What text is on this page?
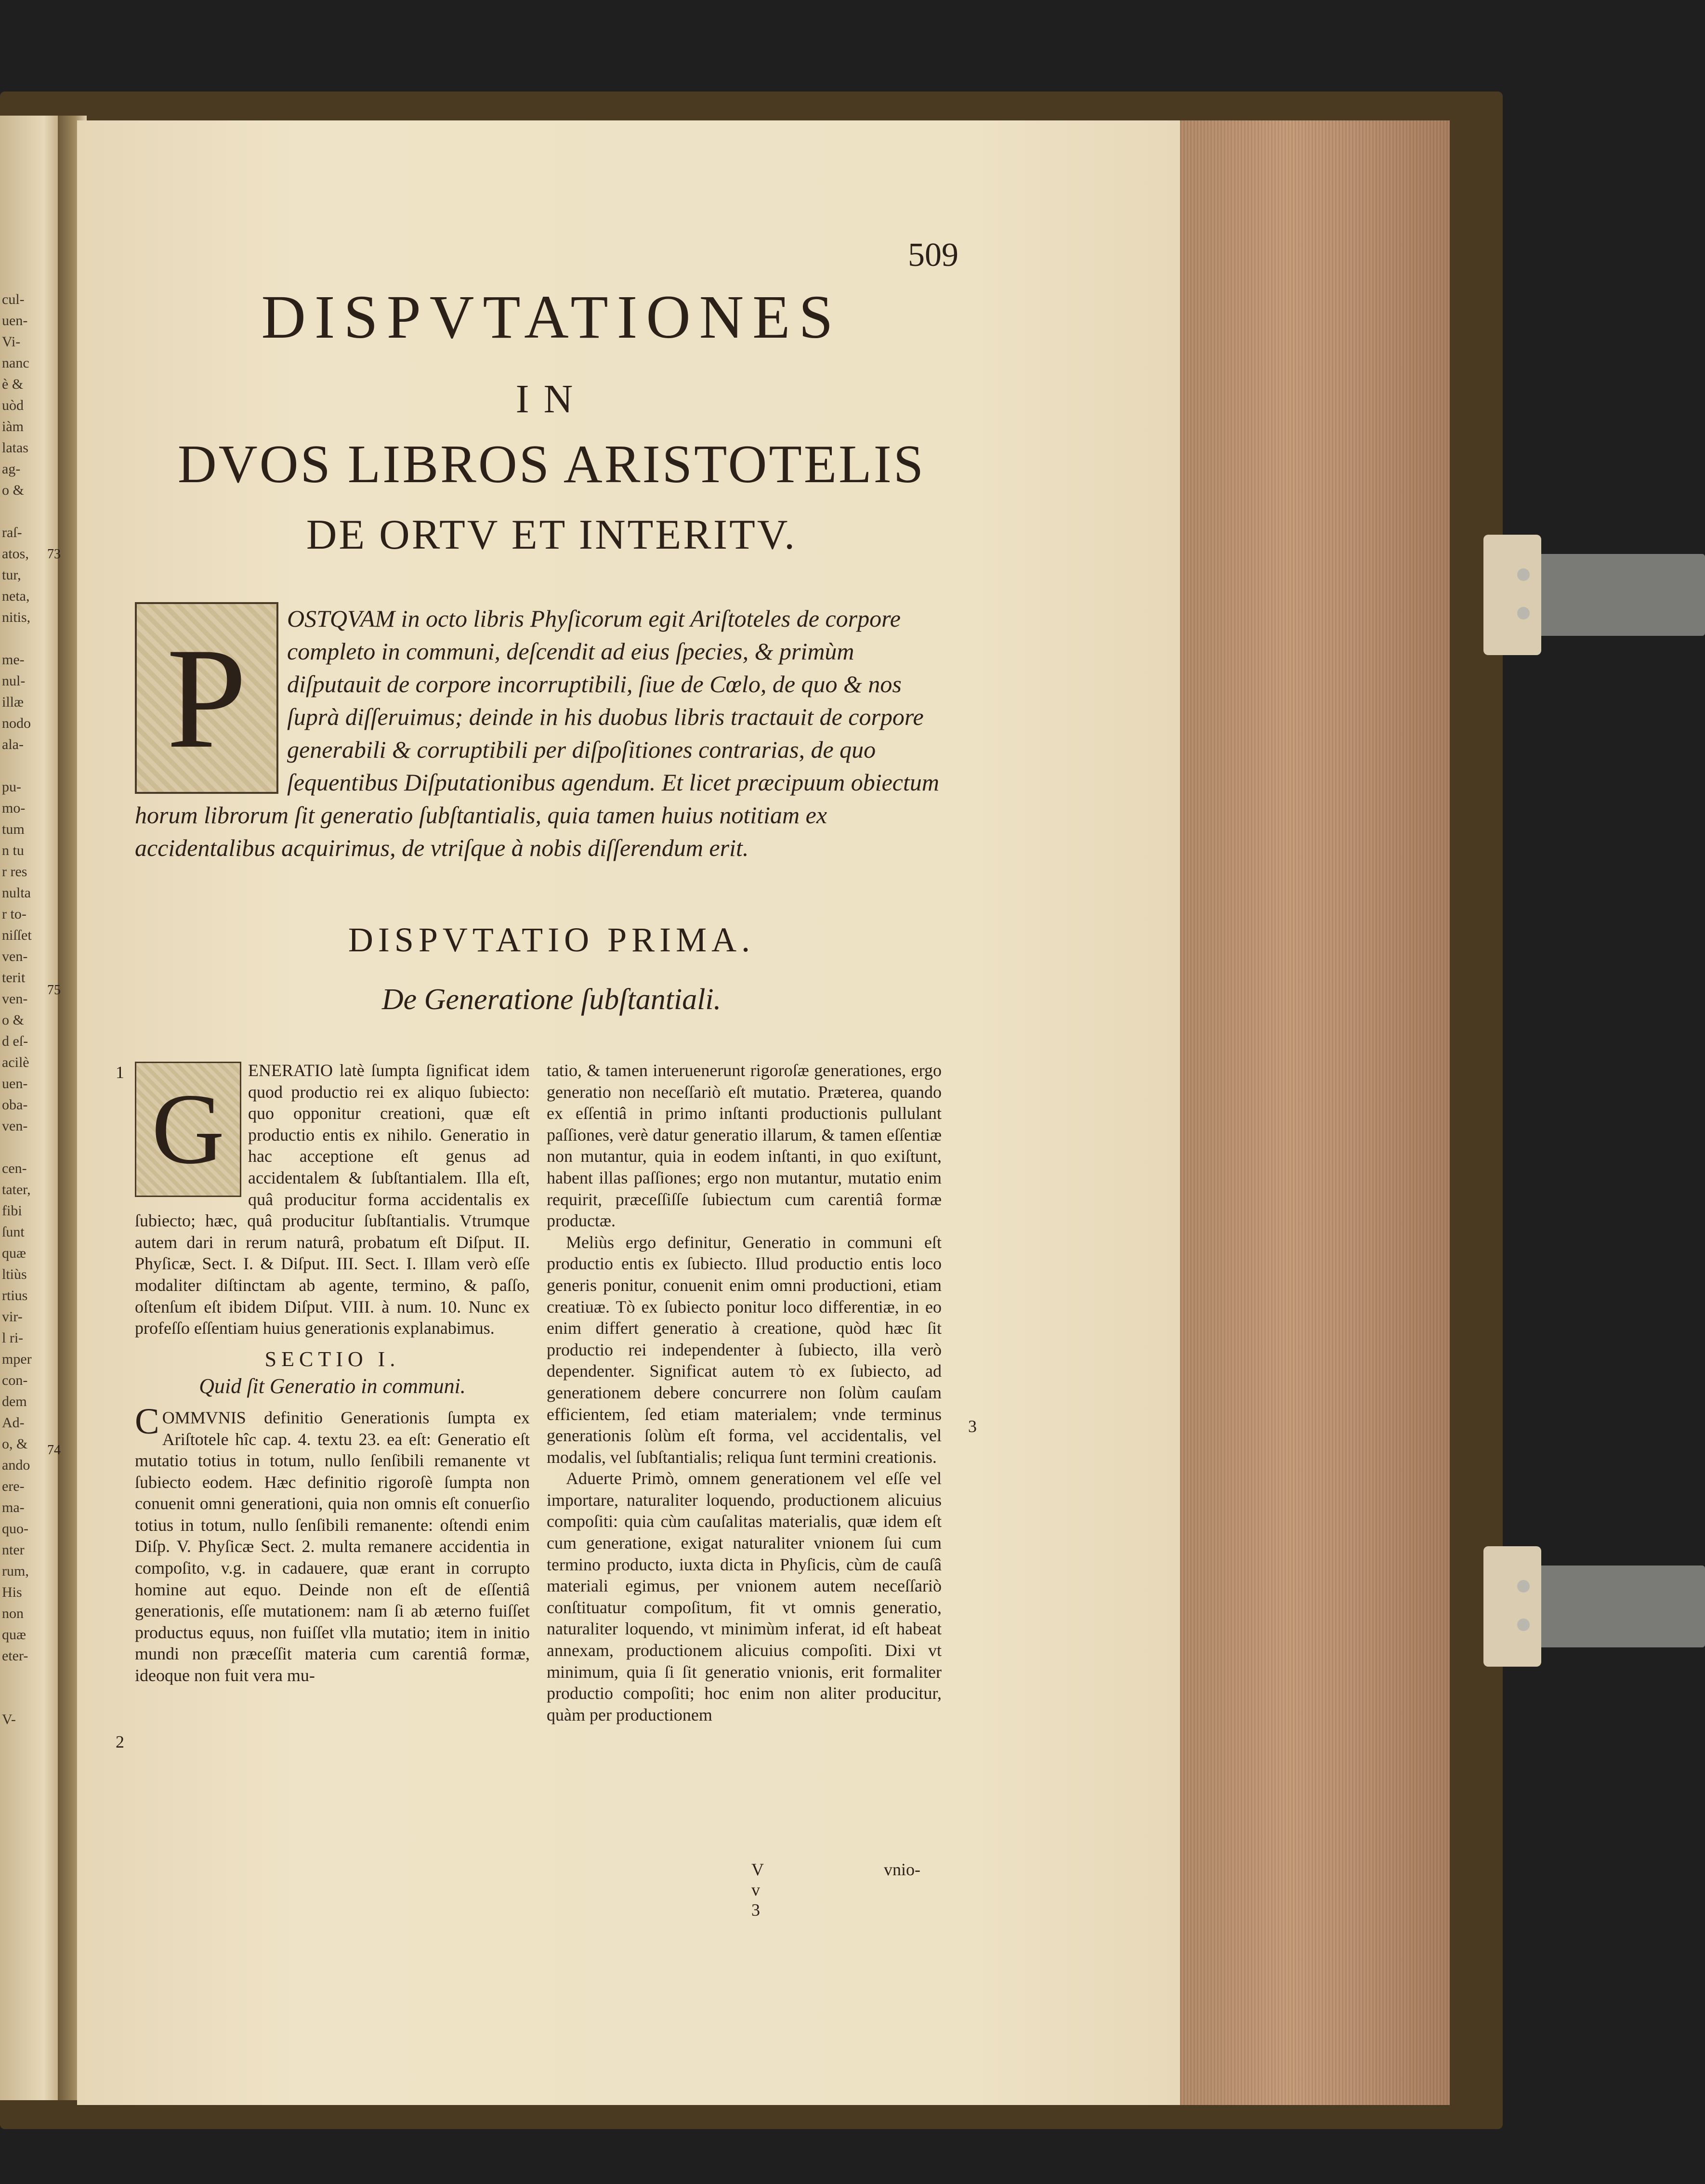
cul-
uen-
Vi-
nanc
è &
uòd
iàm
latas
ag-
o &

raſ-
atos,
tur,
neta,
nitis,

me-
nul-
illæ
nodo
ala-

pu-
mo-
tum
n tu
r res
nulta
r to-
niſſet
ven-
terit
ven-
o &
d eſ-
acilè
uen-
oba-
ven-

cen-
tater,
fibi
ſunt
quæ
ltiùs
rtius
vir-
l ri-
mper
con-
dem
Ad-
o, &
ando
ere-
ma-
quo-
nter
rum,
His
non
quæ
eter-

V-
509
DISPVTATIONES
IN
DVOS LIBROS ARISTOTELIS
DE ORTV ET INTERITV.
P	OSTQVAM in octo libris Phyſicorum egit Ariſtoteles de corpore completo in communi, deſcendit ad eius ſpecies, & primùm diſputauit de corpore incorruptibili, ſiue de Cœlo, de quo & nos ſuprà diſſeruimus; deinde in his duobus libris tractauit de corpore generabili & corruptibili per diſpoſitiones contrarias, de quo ſequentibus Diſputationibus agendum. Et licet præcipuum obiectum horum librorum ſit generatio ſubſtantialis, quia tamen huius notitiam ex accidentalibus acquirimus, de vtriſque à nobis diſſerendum erit.
DISPVTATIO PRIMA.
De Generatione ſubſtantiali.
1
2
3
73
75
74

G
ENERATIO latè ſumpta ſignificat idem quod productio rei ex aliquo ſubiecto: quo opponitur creationi, quæ eſt productio entis ex nihilo. Generatio in hac acceptione eſt genus ad accidentalem & ſubſtantialem. Illa eſt, quâ producitur forma accidentalis ex ſubiecto; hæc, quâ producitur ſubſtantialis. Vtrumque autem dari in rerum naturâ, probatum eſt Diſput. II. Phyſicæ, Sect. I. & Diſput. III. Sect. I. Illam verò eſſe modaliter diſtinctam ab agente, termino, & paſſo, oſtenſum eſt ibidem Diſput. VIII. à num. 10. Nunc ex profeſſo eſſentiam huius generationis explanabimus.

SECTIO I.
Quid ſit Generatio in communi.

C OMMVNIS definitio Generationis ſumpta ex Ariſtotele hîc cap. 4. textu 23. ea eſt: Generatio eſt mutatio totius in totum, nullo ſenſibili remanente vt ſubiecto eodem. Hæc definitio rigoroſè ſumpta non conuenit omni generationi, quia non omnis eſt conuerſio totius in totum, nullo ſenſibili remanente: oſtendi enim Diſp. V. Phyſicæ Sect. 2. multa remanere accidentia in compoſito, v.g. in cadauere, quæ erant in corrupto homine aut equo. Deinde non eſt de eſſentiâ generationis, eſſe mutationem: nam ſi ab æterno fuiſſet productus equus, non fuiſſet vlla mutatio; item in initio mundi non præceſſit materia cum carentiâ formæ, ideoque non fuit vera mu-

tatio, & tamen interuenerunt rigoroſæ generationes, ergo generatio non neceſſariò eſt mutatio. Præterea, quando ex eſſentiâ in primo inſtanti productionis pullulant paſſiones, verè datur generatio illarum, & tamen eſſentiæ non mutantur, quia in eodem inſtanti, in quo exiſtunt, habent illas paſſiones; ergo non mutantur, mutatio enim requirit, præceſſiſſe ſubiectum cum carentiâ formæ productæ.

Meliùs ergo definitur, Generatio in communi eſt productio entis ex ſubiecto. Illud productio entis loco generis ponitur, conuenit enim omni productioni, etiam creatiuæ. Tò ex ſubiecto ponitur loco differentiæ, in eo enim differt generatio à creatione, quòd hæc ſit productio rei independenter à ſubiecto, illa verò dependenter. Significat autem τὸ ex ſubiecto, ad generationem debere concurrere non ſolùm cauſam efficientem, ſed etiam materialem; vnde terminus generationis ſolùm eſt forma, vel accidentalis, vel modalis, vel ſubſtantialis; reliqua ſunt termini creationis.

Aduerte Primò, omnem generationem vel eſſe vel importare, naturaliter loquendo, productionem alicuius compoſiti: quia cùm cauſalitas materialis, quæ idem eſt cum generatione, exigat naturaliter vnionem ſui cum termino producto, iuxta dicta in Phyſicis, cùm de cauſâ materiali egimus, per vnionem autem neceſſariò conſtituatur compoſitum, fit vt omnis generatio, naturaliter loquendo, vt minimùm inferat, id eſt habeat annexam, productionem alicuius compoſiti. Dixi vt minimum, quia ſi ſit generatio vnionis, erit formaliter productio compoſiti; hoc enim non aliter producitur, quàm per productionem

V v 3
vnio-
